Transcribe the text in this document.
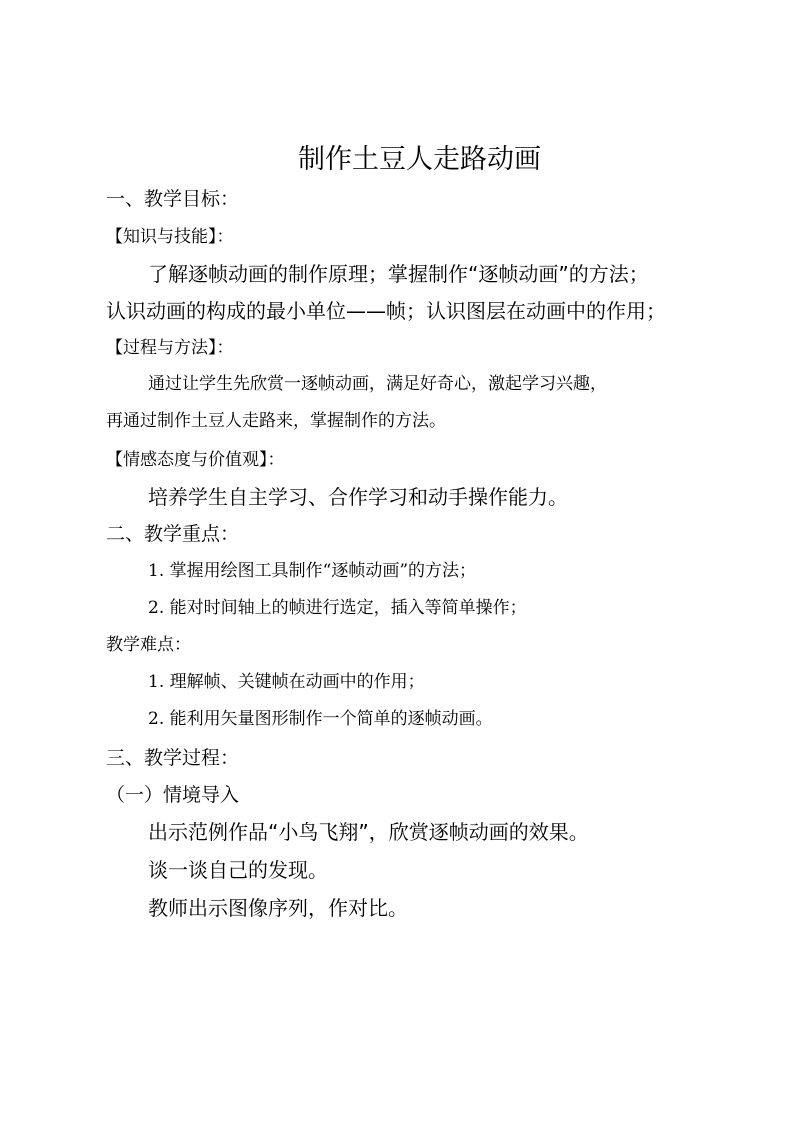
制作土豆人走路动画
一、教学目标：
【知识与技能】：
了解逐帧动画的制作原理；掌握制作“逐帧动画”的方法；
认识动画的构成的最小单位——帧；认识图层在动画中的作用；
【过程与方法】：
通过让学生先欣赏一逐帧动画，满足好奇心，激起学习兴趣，
再通过制作土豆人走路来，掌握制作的方法。
【情感态度与价值观】：
培养学生自主学习、合作学习和动手操作能力。
二、教学重点：
1. 掌握用绘图工具制作“逐帧动画”的方法；
2. 能对时间轴上的帧进行选定，插入等简单操作；
教学难点：
1. 理解帧、关键帧在动画中的作用；
2. 能利用矢量图形制作一个简单的逐帧动画。
三、教学过程：
（一）情境导入
出示范例作品“小鸟飞翔”，欣赏逐帧动画的效果。
谈一谈自己的发现。
教师出示图像序列，作对比。
